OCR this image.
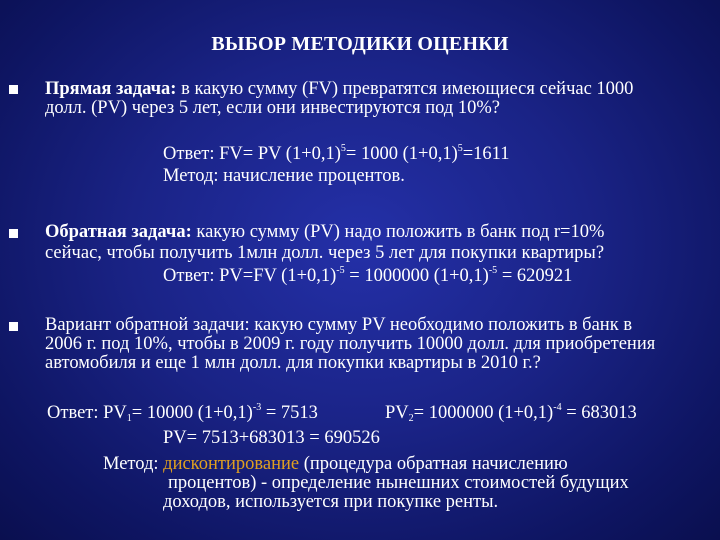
ВЫБОР МЕТОДИКИ ОЦЕНКИ
Прямая задача: в какую сумму (FV) превратятся имеющиеся сейчас 1000
долл. (PV) через 5 лет, если они инвестируются под 10%?
Ответ: FV= PV $(1+0,1)^5= 1000$ $(1+0,1)^5=1611$
Метод: начисление процентов.
Обратная задача: какую сумму (PV) надо положить в банк под r=10%
сейчас, чтобы получить 1млн долл. через 5 лет для покупки квартиры?
Ответ: PV=FV $(1+0,1)^{-5} = 1000000$ $(1+0,1)^{-5} = 620921$
Вариант обратной задачи: какую сумму PV необходимо положить в банк в
2006 г. под 10%, чтобы в 2009 г. году получить 10000 долл. для приобретения
автомобиля и еще 1 млн долл. для покупки квартиры в 2010 г.?
Ответ: $PV_1= 10000$ $(1+0,1)^{-3} = 7513$	$PV_2= 1000000$ $(1+0,1)^{-4} = 683013$
PV= 7513+683013 = 690526
Метод: дисконтирование (процедура обратная начислению
процентов) - определение нынешних стоимостей будущих
доходов, используется при покупке ренты.
